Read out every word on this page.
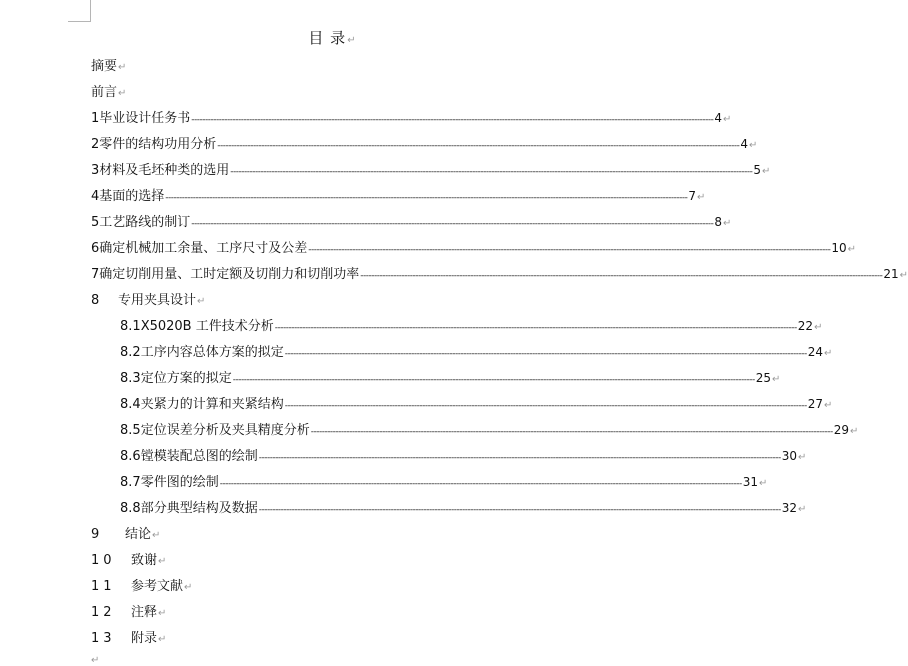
目 录↵
摘要↵
前言↵
1 毕业设计任务书 ---------------------------------------------------------------------------------------------------------------------------------------------------------------------------------------------- 4 ↵
2 零件的结构功用分析 ---------------------------------------------------------------------------------------------------------------------------------------------------------------------------------------------- 4 ↵
3 材料及毛坯种类的选用 ---------------------------------------------------------------------------------------------------------------------------------------------------------------------------------------------- 5 ↵
4 基面的选择 ---------------------------------------------------------------------------------------------------------------------------------------------------------------------------------------------- 7 ↵
5 工艺路线的制订 ---------------------------------------------------------------------------------------------------------------------------------------------------------------------------------------------- 8 ↵
6 确定机械加工余量、工序尺寸及公差 ---------------------------------------------------------------------------------------------------------------------------------------------------------------------------------------------- 10 ↵
7 确定切削用量、工时定额及切削力和切削功率 ---------------------------------------------------------------------------------------------------------------------------------------------------------------------------------------------- 21 ↵
8	专用夹具设计 ↵
8.1 X5020B 工件技术分析 ---------------------------------------------------------------------------------------------------------------------------------------------------------------------------------------------- 22 ↵
8.2 工序内容总体方案的拟定 ---------------------------------------------------------------------------------------------------------------------------------------------------------------------------------------------- 24 ↵
8.3 定位方案的拟定 ---------------------------------------------------------------------------------------------------------------------------------------------------------------------------------------------- 25 ↵
8.4 夹紧力的计算和夹紧结构 ---------------------------------------------------------------------------------------------------------------------------------------------------------------------------------------------- 27 ↵
8.5 定位误差分析及夹具精度分析 ---------------------------------------------------------------------------------------------------------------------------------------------------------------------------------------------- 29 ↵
8.6 镗模装配总图的绘制 ---------------------------------------------------------------------------------------------------------------------------------------------------------------------------------------------- 30 ↵
8.7 零件图的绘制 ---------------------------------------------------------------------------------------------------------------------------------------------------------------------------------------------- 31 ↵
8.8 部分典型结构及数据 ---------------------------------------------------------------------------------------------------------------------------------------------------------------------------------------------- 32 ↵
9	结论 ↵
10	致谢 ↵
11	参考文献 ↵
12	注释 ↵
13	附录 ↵
↵
